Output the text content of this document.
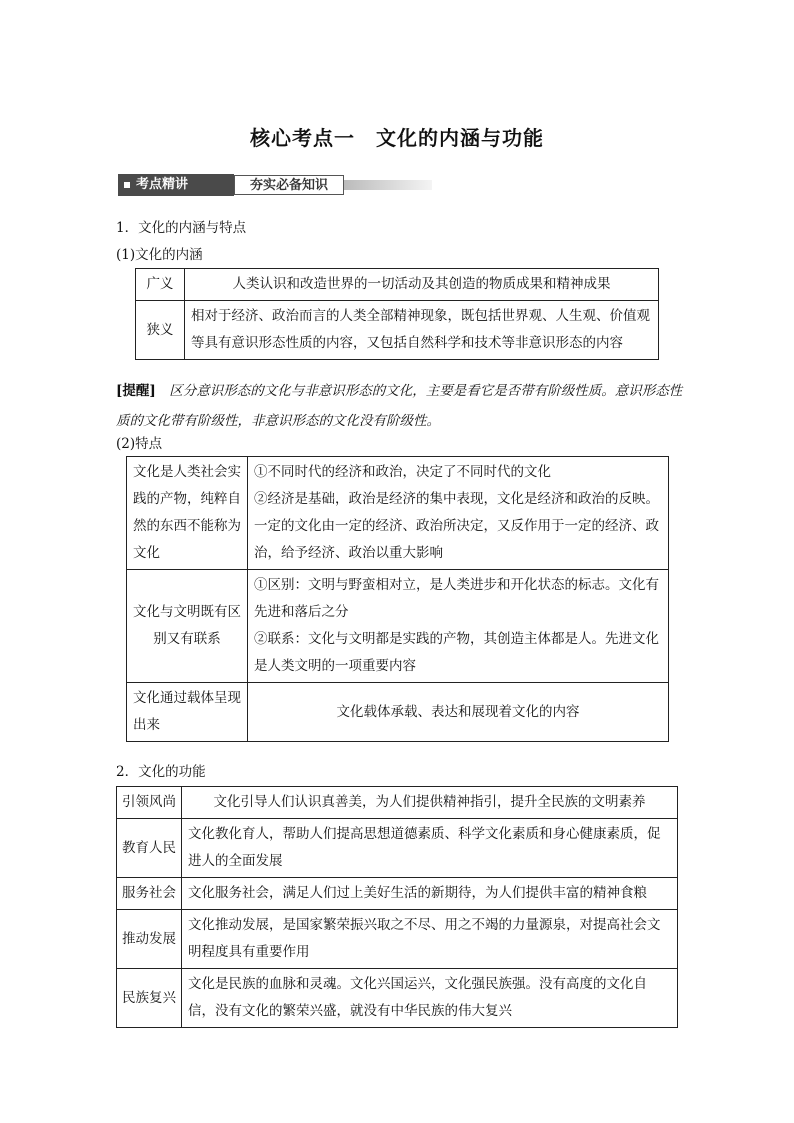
核心考点一　文化的内涵与功能
考点精讲	夯实必备知识
1．文化的内涵与特点
(1)文化的内涵
广义	人类认识和改造世界的一切活动及其创造的物质成果和精神成果
狭义	相对于经济、政治而言的人类全部精神现象，既包括世界观、人生观、价值观等具有意识形态性质的内容，又包括自然科学和技术等非意识形态的内容
[提醒]　区分意识形态的文化与非意识形态的文化，主要是看它是否带有阶级性质。意识形态性质的文化带有阶级性，非意识形态的文化没有阶级性。
(2)特点
文化是人类社会实践的产物，纯粹自然的东西不能称为文化	①不同时代的经济和政治，决定了不同时代的文化
②经济是基础，政治是经济的集中表现，文化是经济和政治的反映。一定的文化由一定的经济、政治所决定，又反作用于一定的经济、政治，给予经济、政治以重大影响

文化与文明既有区别又有联系	①区别：文明与野蛮相对立，是人类进步和开化状态的标志。文化有先进和落后之分
②联系：文化与文明都是实践的产物，其创造主体都是人。先进文化是人类文明的一项重要内容

文化通过载体呈现出来	文化载体承载、表达和展现着文化的内容
2．文化的功能
引领风尚	文化引导人们认识真善美，为人们提供精神指引，提升全民族的文明素养
教育人民	文化教化育人，帮助人们提高思想道德素质、科学文化素质和身心健康素质，促进人的全面发展
服务社会	文化服务社会，满足人们过上美好生活的新期待，为人们提供丰富的精神食粮
推动发展	文化推动发展，是国家繁荣振兴取之不尽、用之不竭的力量源泉，对提高社会文明程度具有重要作用
民族复兴	文化是民族的血脉和灵魂。文化兴国运兴，文化强民族强。没有高度的文化自信，没有文化的繁荣兴盛，就没有中华民族的伟大复兴
